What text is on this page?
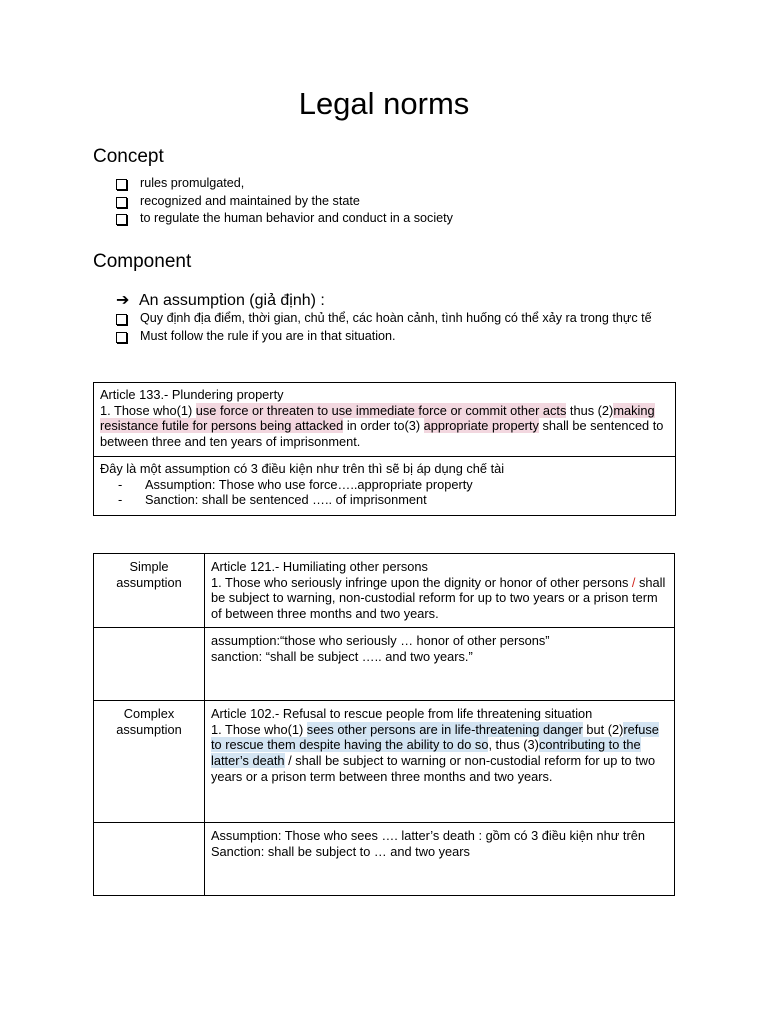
Legal norms
Concept
rules promulgated,
recognized and maintained by the state
to regulate the human behavior and conduct in a society
Component
➔ An assumption (giả định) :
Quy định địa điểm, thời gian, chủ thể, các hoàn cảnh, tình huống có thể xảy ra trong thực tế
Must follow the rule if you are in that situation.
Article 133.- Plundering property
1. Those who(1) use force or threaten to use immediate force or commit other acts thus (2)making resistance futile for persons being attacked in order to(3) appropriate property shall be sentenced to between three and ten years of imprisonment.
Đây là một assumption có 3 điều kiện như trên thì sẽ bị áp dụng chế tài
- Assumption: Those who use force…..appropriate property
- Sanction: shall be sentenced ….. of imprisonment
Simple assumption	Article 121.- Humiliating other persons
1. Those who seriously infringe upon the dignity or honor of other persons / shall be subject to warning, non-custodial reform for up to two years or a prison term of between three months and two years.

	assumption:“those who seriously … honor of other persons”
sanction: “shall be subject ….. and two years.”

Complex assumption	Article 102.- Refusal to rescue people from life threatening situation
1. Those who(1) sees other persons are in life-threatening danger but (2)refuse to rescue them despite having the ability to do so, thus (3)contributing to the latter’s death / shall be subject to warning or non-custodial reform for up to two years or a prison term between three months and two years.

	Assumption: Those who sees …. latter’s death : gồm có 3 điều kiện như trên
Sanction: shall be subject to … and two years
